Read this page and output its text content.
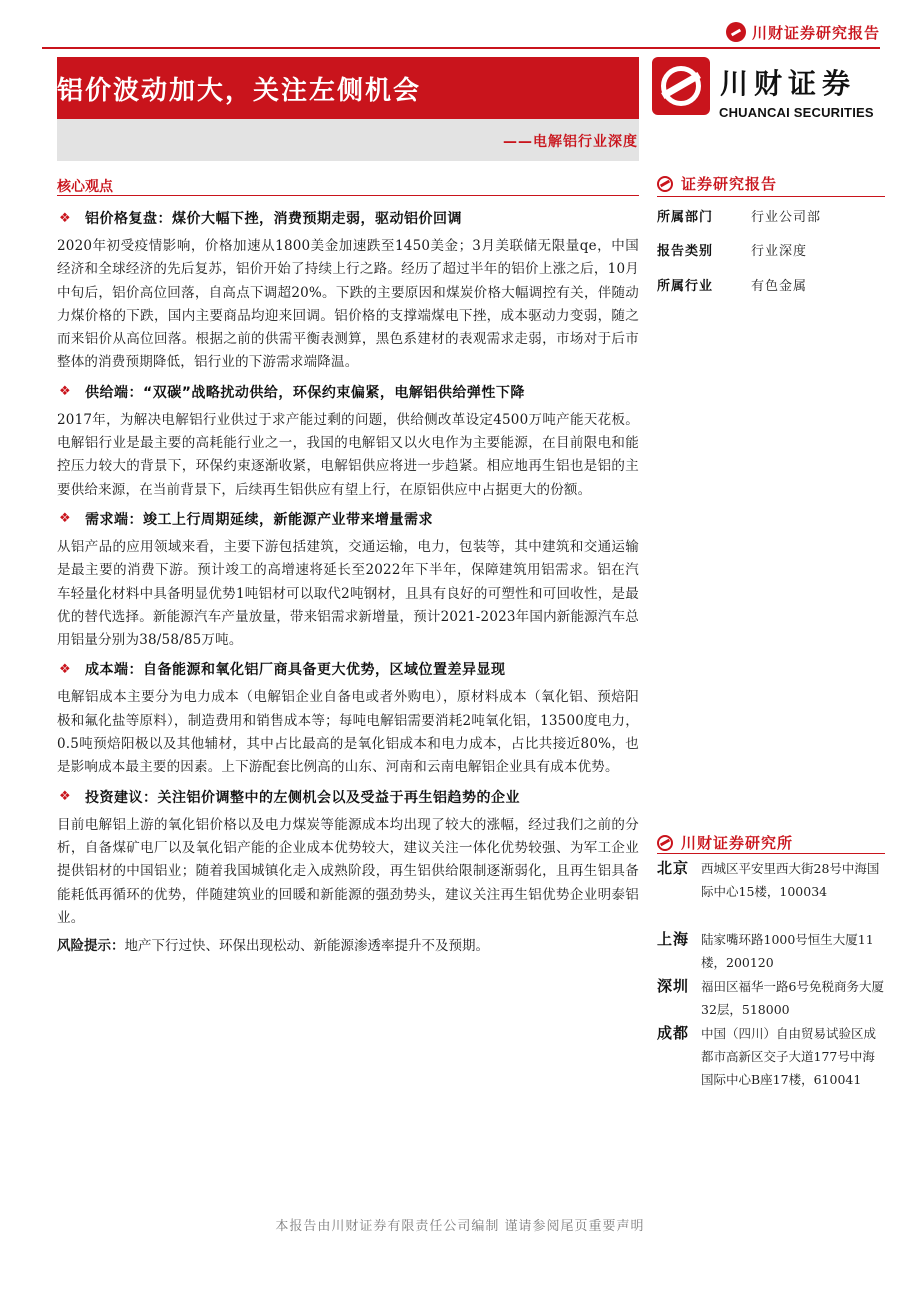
川财证券研究报告
铝价波动加大，关注左侧机会
——电解铝行业深度
川财证券
CHUANCAI SECURITIES
核心观点
❖	铝价格复盘：煤价大幅下挫，消费预期走弱，驱动铝价回调

2020年初受疫情影响，价格加速从1800美金加速跌至1450美金；3月美联储无限量qe，中国经济和全球经济的先后复苏，铝价开始了持续上行之路。经历了超过半年的铝价上涨之后，10月中旬后，铝价高位回落，自高点下调超20%。下跌的主要原因和煤炭价格大幅调控有关，伴随动力煤价格的下跌，国内主要商品均迎来回调。铝价格的支撑端煤电下挫，成本驱动力变弱，随之而来铝价从高位回落。根据之前的供需平衡表测算，黑色系建材的表观需求走弱，市场对于后市整体的消费预期降低，铝行业的下游需求端降温。

❖	供给端：“双碳”战略扰动供给，环保约束偏紧，电解铝供给弹性下降

2017年，为解决电解铝行业供过于求产能过剩的问题，供给侧改革设定4500万吨产能天花板。电解铝行业是最主要的高耗能行业之一，我国的电解铝又以火电作为主要能源，在目前限电和能控压力较大的背景下，环保约束逐渐收紧，电解铝供应将进一步趋紧。相应地再生铝也是铝的主要供给来源，在当前背景下，后续再生铝供应有望上行，在原铝供应中占据更大的份额。

❖	需求端：竣工上行周期延续，新能源产业带来增量需求

从铝产品的应用领域来看，主要下游包括建筑，交通运输，电力，包装等，其中建筑和交通运输是最主要的消费下游。预计竣工的高增速将延长至2022年下半年，保障建筑用铝需求。铝在汽车轻量化材料中具备明显优势1吨铝材可以取代2吨钢材，且具有良好的可塑性和可回收性，是最优的替代选择。新能源汽车产量放量，带来铝需求新增量，预计2021-2023年国内新能源汽车总用铝量分别为38/58/85万吨。

❖	成本端：自备能源和氧化铝厂商具备更大优势，区域位置差异显现

电解铝成本主要分为电力成本（电解铝企业自备电或者外购电），原材料成本（氧化铝、预焙阳极和氟化盐等原料），制造费用和销售成本等；每吨电解铝需要消耗2吨氧化铝，13500度电力，0.5吨预焙阳极以及其他辅材，其中占比最高的是氧化铝成本和电力成本，占比共接近80%，也是影响成本最主要的因素。上下游配套比例高的山东、河南和云南电解铝企业具有成本优势。

❖	投资建议：关注铝价调整中的左侧机会以及受益于再生铝趋势的企业

目前电解铝上游的氧化铝价格以及电力煤炭等能源成本均出现了较大的涨幅，经过我们之前的分析，自备煤矿电厂以及氧化铝产能的企业成本优势较大，建议关注一体化优势较强、为军工企业提供铝材的中国铝业；随着我国城镇化走入成熟阶段，再生铝供给限制逐渐弱化，且再生铝具备能耗低再循环的优势，伴随建筑业的回暖和新能源的强劲势头，建议关注再生铝优势企业明泰铝业。

风险提示：地产下行过快、环保出现松动、新能源渗透率提升不及预期。

证券研究报告
所属部门	行业公司部
报告类别	行业深度
所属行业	有色金属
川财证券研究所
北京 西城区平安里西大街28号中海国际中心15楼，100034
上海 陆家嘴环路1000号恒生大厦11楼，200120
深圳 福田区福华一路6号免税商务大厦32层，518000
成都 中国（四川）自由贸易试验区成都市高新区交子大道177号中海国际中心B座17楼，610041
本报告由川财证券有限责任公司编制 谨请参阅尾页重要声明
